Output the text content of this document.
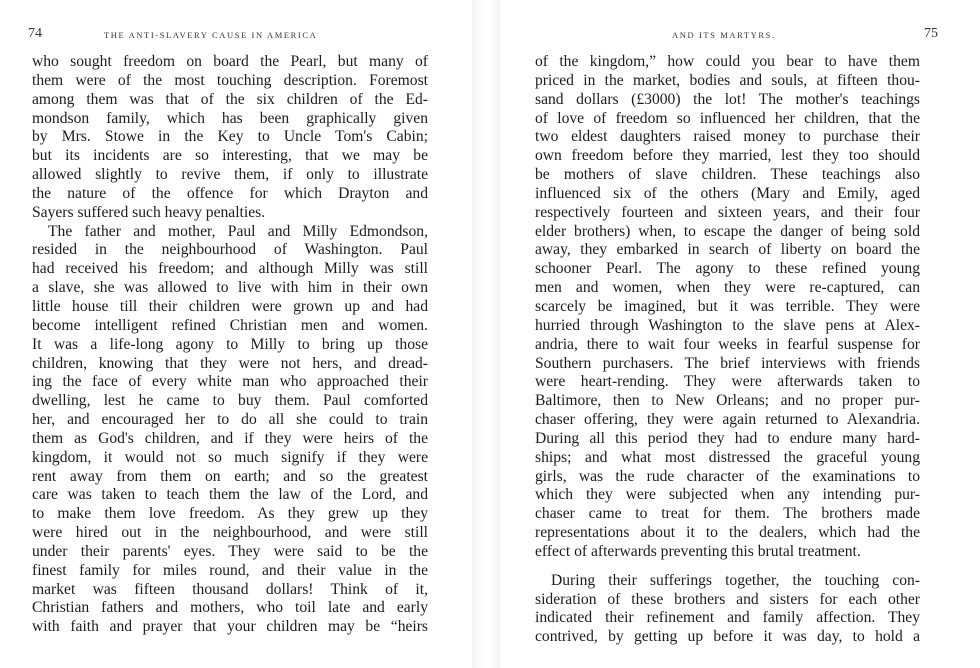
74	THE ANTI-SLAVERY CAUSE IN AMERICA
who sought freedom on board the Pearl, but many of
them were of the most touching description. Foremost
among them was that of the six children of the Ed-
mondson family, which has been graphically given
by Mrs. Stowe in the Key to Uncle Tom's Cabin;
but its incidents are so interesting, that we may be
allowed slightly to revive them, if only to illustrate
the nature of the offence for which Drayton and
Sayers suffered such heavy penalties.
The father and mother, Paul and Milly Edmondson,
resided in the neighbourhood of Washington. Paul
had received his freedom; and although Milly was still
a slave, she was allowed to live with him in their own
little house till their children were grown up and had
become intelligent refined Christian men and women.
It was a life-long agony to Milly to bring up those
children, knowing that they were not hers, and dread-
ing the face of every white man who approached their
dwelling, lest he came to buy them. Paul comforted
her, and encouraged her to do all she could to train
them as God's children, and if they were heirs of the
kingdom, it would not so much signify if they were
rent away from them on earth; and so the greatest
care was taken to teach them the law of the Lord, and
to make them love freedom. As they grew up they
were hired out in the neighbourhood, and were still
under their parents' eyes. They were said to be the
finest family for miles round, and their value in the
market was fifteen thousand dollars! Think of it,
Christian fathers and mothers, who toil late and early
with faith and prayer that your children may be “heirs
AND ITS MARTYRS.	75
of the kingdom,” how could you bear to have them
priced in the market, bodies and souls, at fifteen thou-
sand dollars (£3000) the lot! The mother's teachings
of love of freedom so influenced her children, that the
two eldest daughters raised money to purchase their
own freedom before they married, lest they too should
be mothers of slave children. These teachings also
influenced six of the others (Mary and Emily, aged
respectively fourteen and sixteen years, and their four
elder brothers) when, to escape the danger of being sold
away, they embarked in search of liberty on board the
schooner Pearl. The agony to these refined young
men and women, when they were re-captured, can
scarcely be imagined, but it was terrible. They were
hurried through Washington to the slave pens at Alex-
andria, there to wait four weeks in fearful suspense for
Southern purchasers. The brief interviews with friends
were heart-rending. They were afterwards taken to
Baltimore, then to New Orleans; and no proper pur-
chaser offering, they were again returned to Alexandria.
During all this period they had to endure many hard-
ships; and what most distressed the graceful young
girls, was the rude character of the examinations to
which they were subjected when any intending pur-
chaser came to treat for them. The brothers made
representations about it to the dealers, which had the
effect of afterwards preventing this brutal treatment.
During their sufferings together, the touching con-
sideration of these brothers and sisters for each other
indicated their refinement and family affection. They
contrived, by getting up before it was day, to hold a
